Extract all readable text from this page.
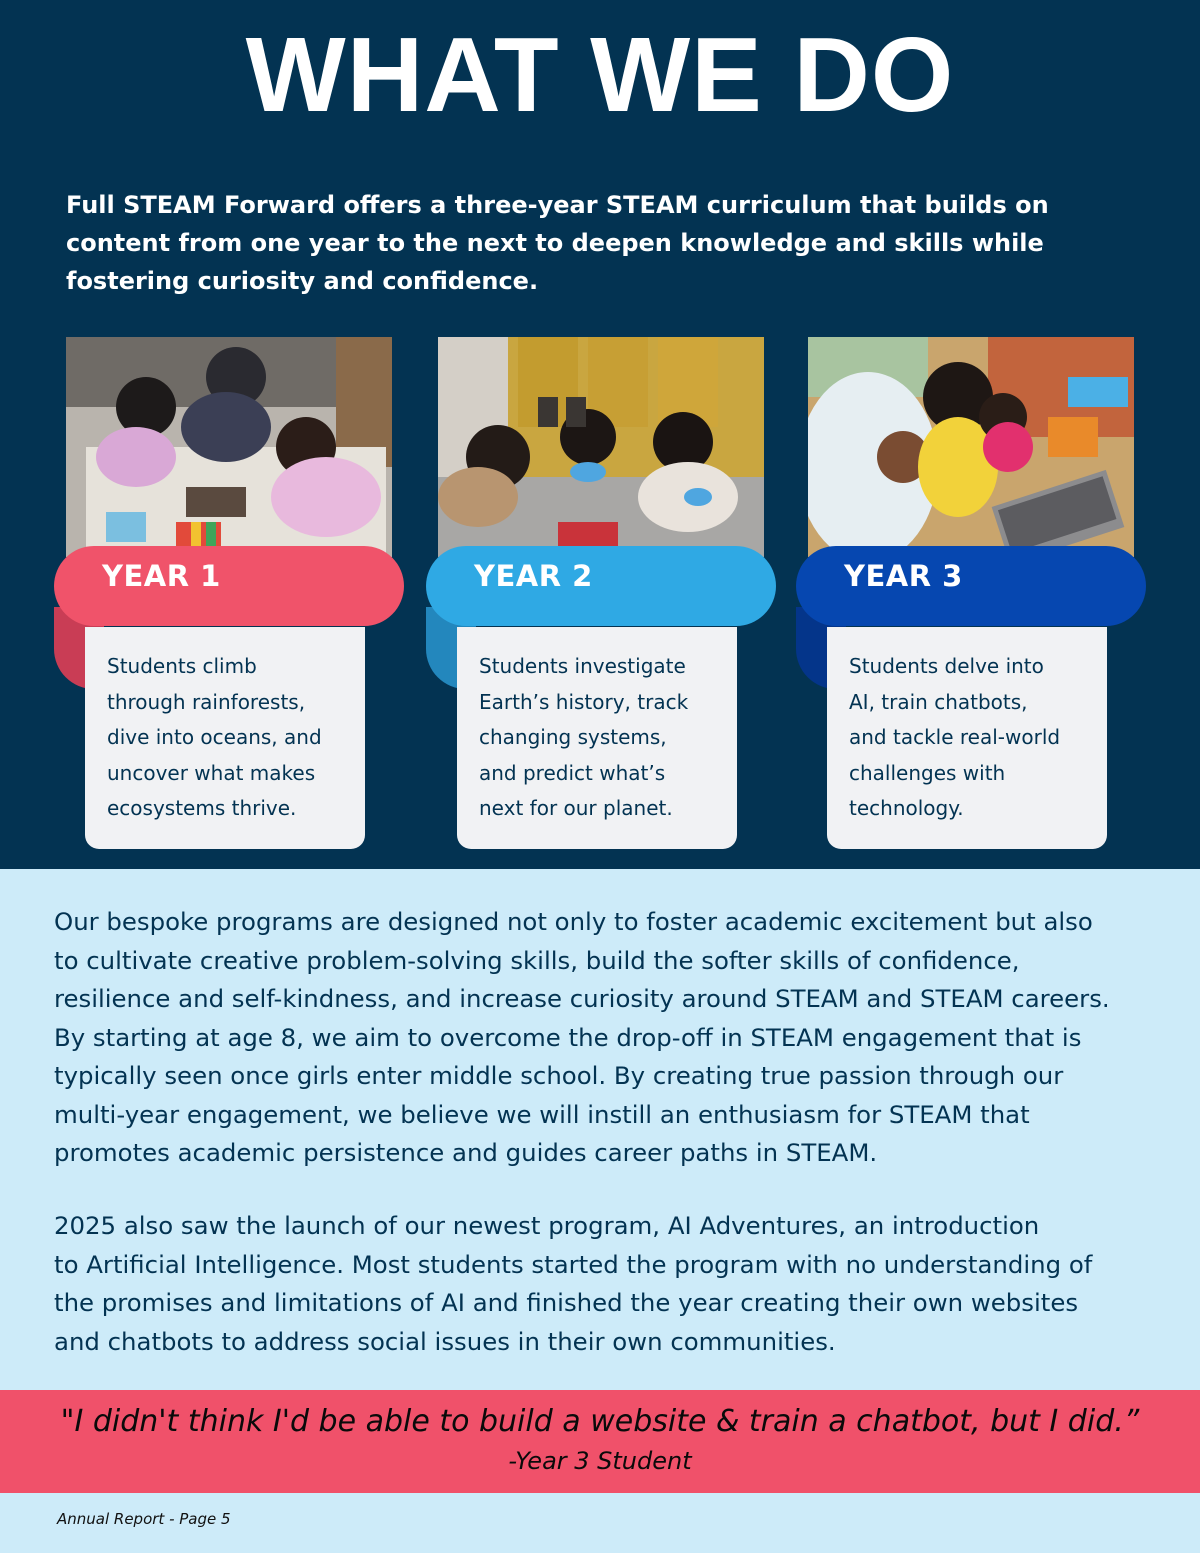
WHAT WE DO

Full STEAM Forward offers a three-year STEAM curriculum that builds on content from one year to the next to deepen knowledge and skills while fostering curiosity and confidence.

YEAR 1
Students climb
through rainforests,
dive into oceans, and
uncover what makes
ecosystems thrive.
YEAR 2
Students investigate
Earth’s history, track
changing systems,
and predict what’s
next for our planet.
YEAR 3
Students delve into
AI, train chatbots,
and tackle real-world
challenges with
technology.

Our bespoke programs are designed not only to foster academic excitement but also
to cultivate creative problem-solving skills, build the softer skills of confidence,
resilience and self-kindness, and increase curiosity around STEAM and STEAM careers.
By starting at age 8, we aim to overcome the drop-off in STEAM engagement that is
typically seen once girls enter middle school. By creating true passion through our
multi-year engagement, we believe we will instill an enthusiasm for STEAM that
promotes academic persistence and guides career paths in STEAM.

2025 also saw the launch of our newest program, AI Adventures, an introduction
to Artificial Intelligence. Most students started the program with no understanding of
the promises and limitations of AI and finished the year creating their own websites
and chatbots to address social issues in their own communities.

"I didn't think I'd be able to build a website & train a chatbot, but I did.”
-Year 3 Student
Annual Report - Page 5
